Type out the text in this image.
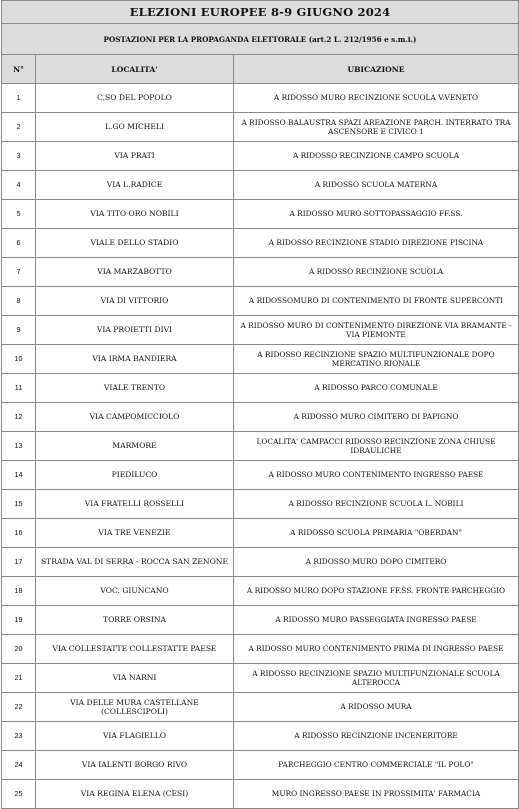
ELEZIONI EUROPEE 8-9 GIUGNO 2024		
POSTAZIONI PER LA PROPAGANDA ELETTORALE (art.2 L. 212/1956 e s.m.i.)		
N°	LOCALITA'	UBICAZIONE
1	C.SO DEL POPOLO	A RIDOSSO MURO RECINZIONE SCUOLA V.VENETO
2	L.GO MICHELI	A RIDOSSO BALAUSTRA SPAZI AREAZIONE PARCH. INTERRATO TRA ASCENSORE E CIVICO 1
3	VIA PRATI	A RIDOSSO RECINZIONE CAMPO SCUOLA
4	VIA L.RADICE	A RIDOSSO SCUOLA MATERNA
5	VIA TITO ORO NOBILI	A RIDOSSO MURO SOTTOPASSAGGIO FF.SS.
6	VIALE DELLO STADIO	A RIDOSSO RECINZIONE STADIO DIREZIONE PISCINA
7	VIA MARZABOTTO	A RIDOSSO RECINZIONE SCUOLA
8	VIA DI VITTORIO	A RIDOSSOMURO DI CONTENIMENTO DI FRONTE SUPERCONTI
9	VIA PROIETTI DIVI	A RIDOSSO MURO DI CONTENIMENTO DIREZIONE VIA BRAMANTE - VIA PIEMONTE
10	VIA IRMA BANDIERA	A RIDOSSO RECINZIONE SPAZIO MULTIFUNZIONALE DOPO MERCATINO RIONALE
11	VIALE TRENTO	A RIDOSSO PARCO COMUNALE
12	VIA CAMPOMICCIOLO	A RIDOSSO MURO CIMITERO DI PAPIGNO
13	MARMORE	LOCALITA' CAMPACCI RIDOSSO RECINZIONE ZONA CHIUSE IDRAULICHE
14	PIEDILUCO	A RIDOSSO MURO CONTENIMENTO INGRESSO PAESE
15	VIA FRATELLI ROSSELLI	A RIDOSSO RECINZIONE SCUOLA L. NOBILI
16	VIA TRE VENEZIE	A RIDOSSO SCUOLA PRIMARIA "OBERDAN"
17	STRADA VAL DI SERRA - ROCCA SAN ZENONE	A RIDOSSO MURO DOPO CIMITERO
18	VOC. GIUNCANO	A RIDOSSO MURO DOPO STAZIONE FF.SS. FRONTE PARCHEGGIO
19	TORRE ORSINA	A RIDOSSO MURO PASSEGGIATA INGRESSO PAESE
20	VIA COLLESTATTE COLLESTATTE PAESE	A RIDOSSO MURO CONTENIMENTO PRIMA DI INGRESSO PAESE
21	VIA NARNI	A RIDOSSO RECINZIONE SPAZIO MULTIFUNZIONALE SCUOLA ALTEROCCA
22	VIA DELLE MURA CASTELLANE (COLLESCIPOLI)	A RIDOSSO MURA
23	VIA FLAGIELLO	A RIDOSSO RECINZIONE INCENERITORE
24	VIA IALENTI BORGO RIVO	PARCHEGGIO CENTRO COMMERCIALE "IL POLO"
25	VIA REGINA ELENA (CESI)	MURO INGRESSO PAESE IN PROSSIMITA' FARMACIA
